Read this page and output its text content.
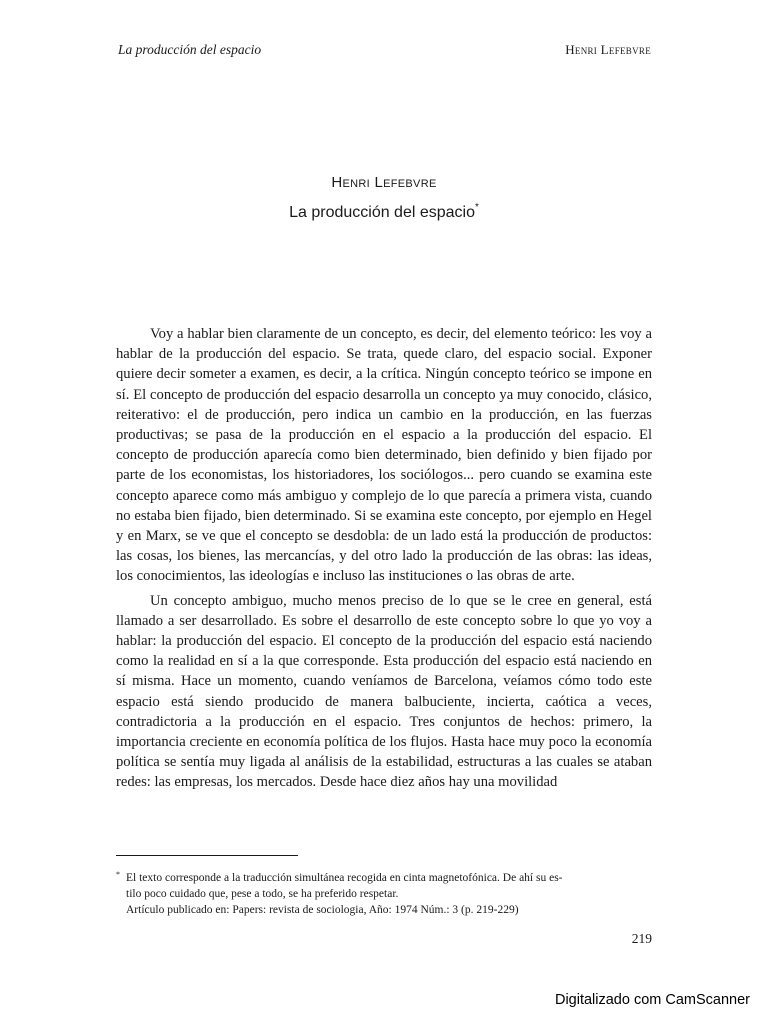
La producción del espacio	Henri Lefebvre
Henri Lefebvre
La producción del espacio*

Voy a hablar bien claramente de un concepto, es decir, del elemento teórico: les voy a hablar de la producción del espacio. Se trata, quede claro, del espacio social. Exponer quiere decir someter a examen, es decir, a la crítica. Ningún concepto teórico se impone en sí. El concepto de producción del espacio desarrolla un concepto ya muy conocido, clásico, reiterativo: el de producción, pero indica un cambio en la producción, en las fuerzas productivas; se pasa de la producción en el espacio a la producción del espacio. El concepto de producción aparecía como bien determinado, bien definido y bien fijado por parte de los economistas, los historiadores, los sociólogos... pero cuando se examina este concepto aparece como más ambiguo y complejo de lo que parecía a primera vista, cuando no estaba bien fijado, bien determinado. Si se examina este concepto, por ejemplo en Hegel y en Marx, se ve que el concepto se desdobla: de un lado está la producción de productos: las cosas, los bienes, las mercancías, y del otro lado la producción de las obras: las ideas, los conocimientos, las ideologías e incluso las instituciones o las obras de arte.

Un concepto ambiguo, mucho menos preciso de lo que se le cree en general, está llamado a ser desarrollado. Es sobre el desarrollo de este concepto sobre lo que yo voy a hablar: la producción del espacio. El concepto de la producción del espacio está naciendo como la realidad en sí a la que corresponde. Esta producción del espacio está naciendo en sí misma. Hace un momento, cuando veníamos de Barcelona, veíamos cómo todo este espacio está siendo producido de manera balbuciente, incierta, caótica a veces, contradictoria a la producción en el espacio. Tres conjuntos de hechos: primero, la importancia creciente en economía política de los flujos. Hasta hace muy poco la economía política se sentía muy ligada al análisis de la estabilidad, estructuras a las cuales se ataban redes: las empresas, los mercados. Desde hace diez años hay una movilidad

* El texto corresponde a la traducción simultánea recogida en cinta magnetofónica. De ahí su es-
tilo poco cuidado que, pese a todo, se ha preferido respetar.
Artículo publicado en: Papers: revista de sociologia, Año: 1974 Núm.: 3 (p. 219-229)
219
Digitalizado com CamScanner
